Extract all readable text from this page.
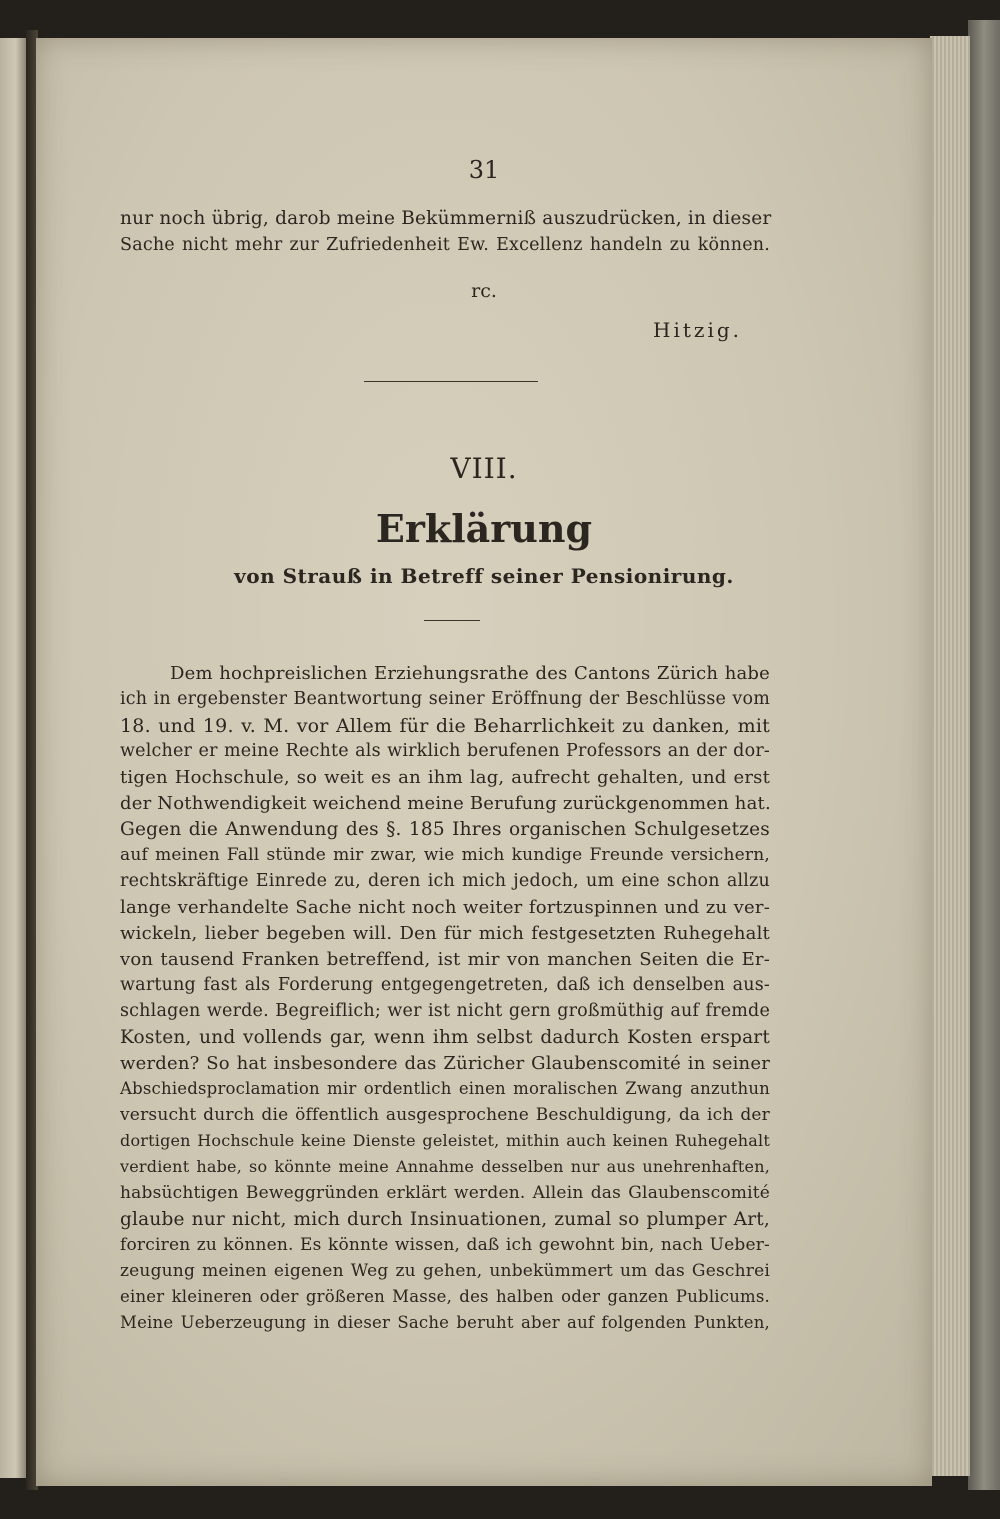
31
nur noch übrig, darob meine Bekümmerniß auszudrücken, in dieser
Sache nicht mehr zur Zufriedenheit Ew. Excellenz handeln zu können.
rc.
Hitzig.
VIII.
Erklärung
von Strauß in Betreff seiner Pensionirung.
Dem hochpreislichen Erziehungsrathe des Cantons Zürich habe
ich in ergebenster Beantwortung seiner Eröffnung der Beschlüsse vom
18. und 19. v. M. vor Allem für die Beharrlichkeit zu danken, mit
welcher er meine Rechte als wirklich berufenen Professors an der dor-
tigen Hochschule, so weit es an ihm lag, aufrecht gehalten, und erst
der Nothwendigkeit weichend meine Berufung zurückgenommen hat.
Gegen die Anwendung des §. 185 Ihres organischen Schulgesetzes
auf meinen Fall stünde mir zwar, wie mich kundige Freunde versichern,
rechtskräftige Einrede zu, deren ich mich jedoch, um eine schon allzu
lange verhandelte Sache nicht noch weiter fortzuspinnen und zu ver-
wickeln, lieber begeben will. Den für mich festgesetzten Ruhegehalt
von tausend Franken betreffend, ist mir von manchen Seiten die Er-
wartung fast als Forderung entgegengetreten, daß ich denselben aus-
schlagen werde. Begreiflich; wer ist nicht gern großmüthig auf fremde
Kosten, und vollends gar, wenn ihm selbst dadurch Kosten erspart
werden? So hat insbesondere das Züricher Glaubenscomité in seiner
Abschiedsproclamation mir ordentlich einen moralischen Zwang anzuthun
versucht durch die öffentlich ausgesprochene Beschuldigung, da ich der
dortigen Hochschule keine Dienste geleistet, mithin auch keinen Ruhegehalt
verdient habe, so könnte meine Annahme desselben nur aus unehrenhaften,
habsüchtigen Beweggründen erklärt werden. Allein das Glaubenscomité
glaube nur nicht, mich durch Insinuationen, zumal so plumper Art,
forciren zu können. Es könnte wissen, daß ich gewohnt bin, nach Ueber-
zeugung meinen eigenen Weg zu gehen, unbekümmert um das Geschrei
einer kleineren oder größeren Masse, des halben oder ganzen Publicums.
Meine Ueberzeugung in dieser Sache beruht aber auf folgenden Punkten,
